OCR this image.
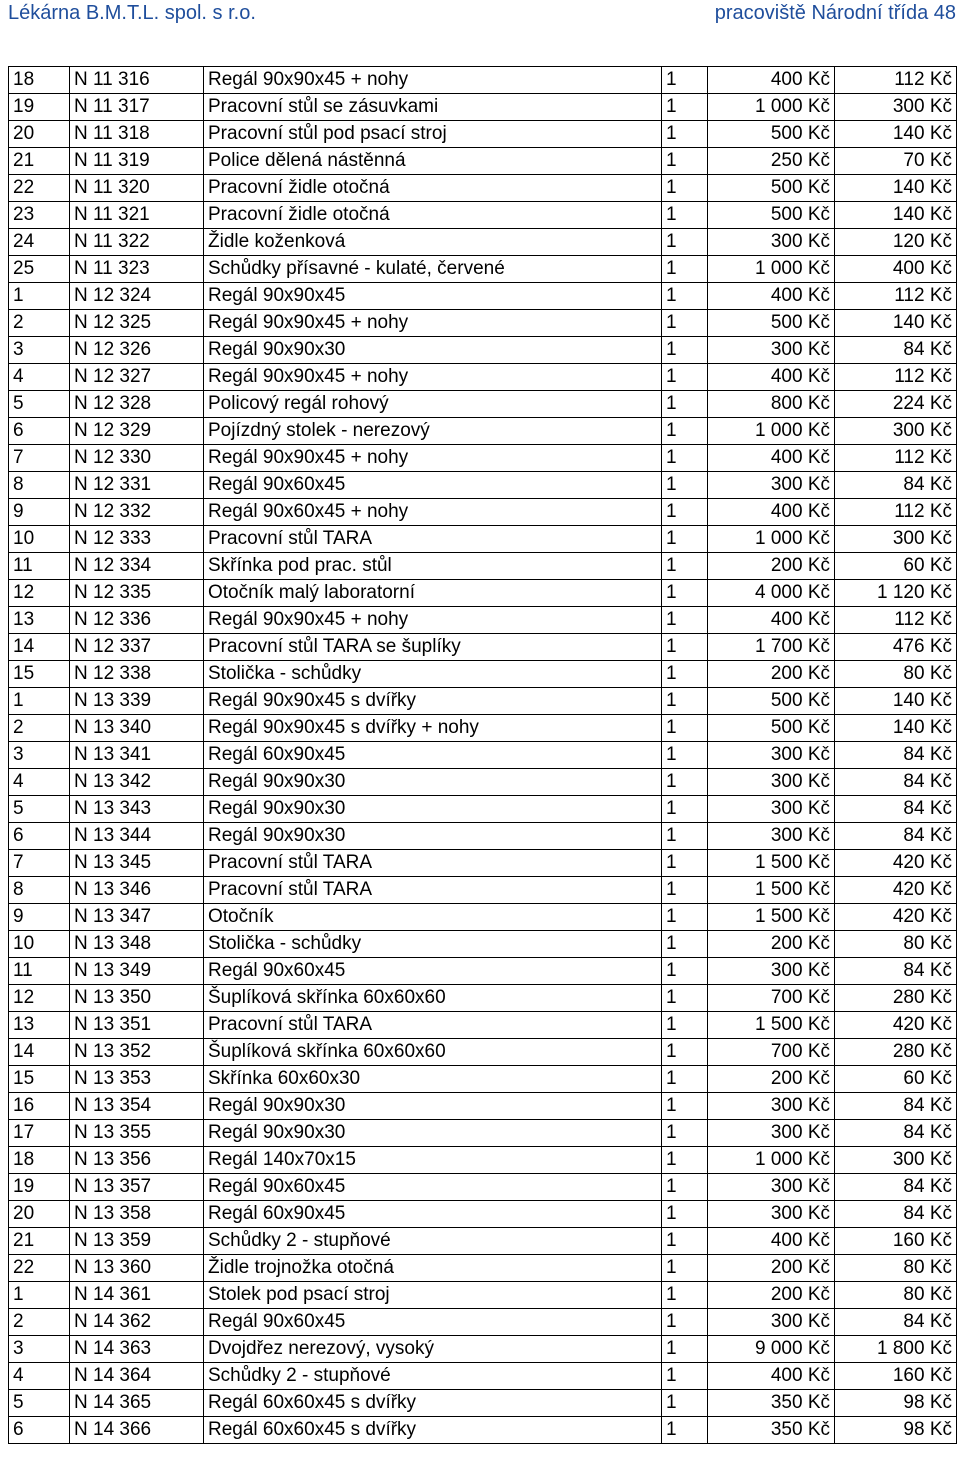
Lékárna B.M.T.L. spol. s r.o.	pracoviště Národní třída 48
18	N 11 316	Regál 90x90x45 + nohy	1	400 Kč	112 Kč
19	N 11 317	Pracovní stůl se zásuvkami	1	1 000 Kč	300 Kč
20	N 11 318	Pracovní stůl pod psací stroj	1	500 Kč	140 Kč
21	N 11 319	Police dělená nástěnná	1	250 Kč	70 Kč
22	N 11 320	Pracovní židle otočná	1	500 Kč	140 Kč
23	N 11 321	Pracovní židle otočná	1	500 Kč	140 Kč
24	N 11 322	Židle koženková	1	300 Kč	120 Kč
25	N 11 323	Schůdky přísavné - kulaté, červené	1	1 000 Kč	400 Kč
1	N 12 324	Regál 90x90x45	1	400 Kč	112 Kč
2	N 12 325	Regál 90x90x45 + nohy	1	500 Kč	140 Kč
3	N 12 326	Regál 90x90x30	1	300 Kč	84 Kč
4	N 12 327	Regál 90x90x45 + nohy	1	400 Kč	112 Kč
5	N 12 328	Policový regál rohový	1	800 Kč	224 Kč
6	N 12 329	Pojízdný stolek - nerezový	1	1 000 Kč	300 Kč
7	N 12 330	Regál 90x90x45 + nohy	1	400 Kč	112 Kč
8	N 12 331	Regál 90x60x45	1	300 Kč	84 Kč
9	N 12 332	Regál 90x60x45 + nohy	1	400 Kč	112 Kč
10	N 12 333	Pracovní stůl TARA	1	1 000 Kč	300 Kč
11	N 12 334	Skřínka pod prac. stůl	1	200 Kč	60 Kč
12	N 12 335	Otočník malý laboratorní	1	4 000 Kč	1 120 Kč
13	N 12 336	Regál 90x90x45 + nohy	1	400 Kč	112 Kč
14	N 12 337	Pracovní stůl TARA se šuplíky	1	1 700 Kč	476 Kč
15	N 12 338	Stolička - schůdky	1	200 Kč	80 Kč
1	N 13 339	Regál 90x90x45 s dvířky	1	500 Kč	140 Kč
2	N 13 340	Regál 90x90x45 s dvířky + nohy	1	500 Kč	140 Kč
3	N 13 341	Regál 60x90x45	1	300 Kč	84 Kč
4	N 13 342	Regál 90x90x30	1	300 Kč	84 Kč
5	N 13 343	Regál 90x90x30	1	300 Kč	84 Kč
6	N 13 344	Regál 90x90x30	1	300 Kč	84 Kč
7	N 13 345	Pracovní stůl TARA	1	1 500 Kč	420 Kč
8	N 13 346	Pracovní stůl TARA	1	1 500 Kč	420 Kč
9	N 13 347	Otočník	1	1 500 Kč	420 Kč
10	N 13 348	Stolička - schůdky	1	200 Kč	80 Kč
11	N 13 349	Regál 90x60x45	1	300 Kč	84 Kč
12	N 13 350	Šuplíková skřínka 60x60x60	1	700 Kč	280 Kč
13	N 13 351	Pracovní stůl TARA	1	1 500 Kč	420 Kč
14	N 13 352	Šuplíková skřínka 60x60x60	1	700 Kč	280 Kč
15	N 13 353	Skřínka 60x60x30	1	200 Kč	60 Kč
16	N 13 354	Regál 90x90x30	1	300 Kč	84 Kč
17	N 13 355	Regál 90x90x30	1	300 Kč	84 Kč
18	N 13 356	Regál 140x70x15	1	1 000 Kč	300 Kč
19	N 13 357	Regál 90x60x45	1	300 Kč	84 Kč
20	N 13 358	Regál 60x90x45	1	300 Kč	84 Kč
21	N 13 359	Schůdky 2 - stupňové	1	400 Kč	160 Kč
22	N 13 360	Židle trojnožka otočná	1	200 Kč	80 Kč
1	N 14 361	Stolek pod psací stroj	1	200 Kč	80 Kč
2	N 14 362	Regál 90x60x45	1	300 Kč	84 Kč
3	N 14 363	Dvojdřez nerezový, vysoký	1	9 000 Kč	1 800 Kč
4	N 14 364	Schůdky 2 - stupňové	1	400 Kč	160 Kč
5	N 14 365	Regál 60x60x45 s dvířky	1	350 Kč	98 Kč
6	N 14 366	Regál 60x60x45 s dvířky	1	350 Kč	98 Kč
